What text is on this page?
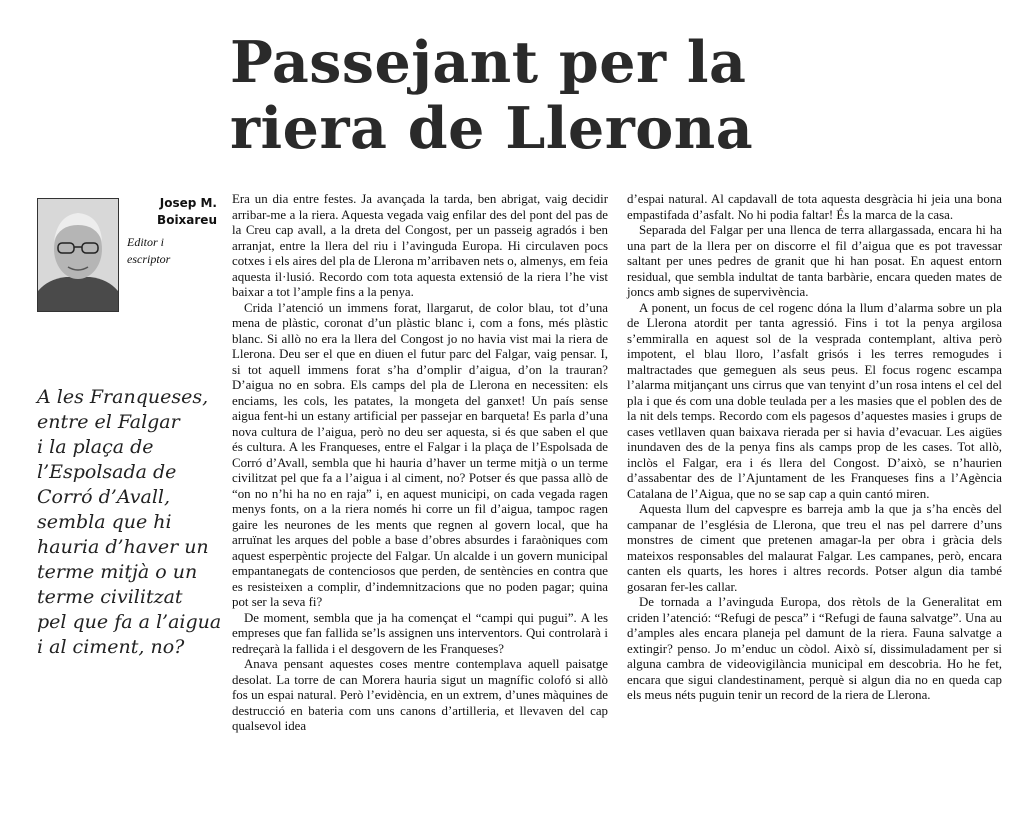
Passejant per la
riera de Llerona
Josep M.
Boixareu
Editor i
escriptor
A les Franqueses,
entre el Falgar
i la plaça de
l’Espolsada de
Corró d’Avall,
sembla que hi
hauria d’haver un
terme mitjà o un
terme civilitzat
pel que fa a l’aigua
i al ciment, no?

Era un dia entre festes. Ja avançada la tarda, ben abrigat, vaig decidir arribar-me a la riera. Aquesta vegada vaig enfilar des del pont del pas de la Creu cap avall, a la dreta del Congost, per un passeig agradós i ben arranjat, entre la llera del riu i l’avinguda Europa. Hi circulaven pocs cotxes i els aires del pla de Llerona m’arribaven nets o, almenys, em feia aquesta il·lusió. Recordo com tota aquesta extensió de la riera l’he vist baixar a tot l’ample fins a la penya.

Crida l’atenció un immens forat, llargarut, de color blau, tot d’una mena de plàstic, coronat d’un plàstic blanc i, com a fons, més plàstic blanc. Si allò no era la llera del Congost jo no havia vist mai la riera de Llerona. Deu ser el que en diuen el futur parc del Falgar, vaig pensar. I, si tot aquell immens forat s’ha d’omplir d’aigua, d’on la trauran? D’aigua no en sobra. Els camps del pla de Llerona en necessiten: els enciams, les cols, les patates, la mongeta del ganxet! Un país sense aigua fent-hi un estany artificial per passejar en barqueta! Es parla d’una nova cultura de l’aigua, però no deu ser aquesta, si és que saben el que és cultura. A les Franqueses, entre el Falgar i la plaça de l’Espolsada de Corró d’Avall, sembla que hi hauria d’haver un terme mitjà o un terme civilitzat pel que fa a l’aigua i al ciment, no? Potser és que passa allò de “on no n’hi ha no en raja” i, en aquest municipi, on cada vegada ragen menys fonts, on a la riera només hi corre un fil d’aigua, tampoc ragen gaire les neurones de les ments que regnen al govern local, que ha arruïnat les arques del poble a base d’obres absurdes i faraòniques com aquest esperpèntic projecte del Falgar. Un alcalde i un govern municipal empantanegats de contenciosos que perden, de sentències en contra que es resisteixen a complir, d’indemnitzacions que no poden pagar; quina pot ser la seva fi?

De moment, sembla que ja ha començat el “campi qui pugui”. A les empreses que fan fallida se’ls assignen uns interventors. Qui controlarà i redreçarà la fallida i el desgovern de les Franqueses?

Anava pensant aquestes coses mentre contemplava aquell paisatge desolat. La torre de can Morera hauria sigut un magnífic colofó si allò fos un espai natural. Però l’evidència, en un extrem, d’unes màquines de destrucció en bateria com uns canons d’artilleria, et llevaven del cap qualsevol idea

d’espai natural. Al capdavall de tota aquesta desgràcia hi jeia una bona empastifada d’asfalt. No hi podia faltar! És la marca de la casa.

Separada del Falgar per una llenca de terra allargassada, encara hi ha una part de la llera per on discorre el fil d’aigua que es pot travessar saltant per unes pedres de granit que hi han posat. En aquest entorn residual, que sembla indultat de tanta barbàrie, encara queden mates de joncs amb signes de supervivència.

A ponent, un focus de cel rogenc dóna la llum d’alarma sobre un pla de Llerona atordit per tanta agressió. Fins i tot la penya argilosa s’emmiralla en aquest sol de la vesprada contemplant, altiva però impotent, el blau lloro, l’asfalt grisós i les terres remogudes i maltractades que gemeguen als seus peus. El focus rogenc escampa l’alarma mitjançant uns cirrus que van tenyint d’un rosa intens el cel del pla i que és com una doble teulada per a les masies que el poblen des de la nit dels temps. Recordo com els pagesos d’aquestes masies i grups de cases vetllaven quan baixava rierada per si havia d’evacuar. Les aigües inundaven des de la penya fins als camps prop de les cases. Tot allò, inclòs el Falgar, era i és llera del Congost. D’això, se n’haurien d’assabentar des de l’Ajuntament de les Franqueses fins a l’Agència Catalana de l’Aigua, que no se sap cap a quin cantó miren.

Aquesta llum del capvespre es barreja amb la que ja s’ha encès del campanar de l’església de Llerona, que treu el nas pel darrere d’uns monstres de ciment que pretenen amagar-la per obra i gràcia dels mateixos responsables del malaurat Falgar. Les campanes, però, encara canten els quarts, les hores i altres records. Potser algun dia també gosaran fer-les callar.

De tornada a l’avinguda Europa, dos rètols de la Generalitat em criden l’atenció: “Refugi de pesca” i “Refugi de fauna salvatge”. Una au d’amples ales encara planeja pel damunt de la riera. Fauna salvatge a extingir? penso. Jo m’enduc un còdol. Això sí, dissimuladament per si alguna cambra de videovigilància municipal em descobria. Ho he fet, encara que sigui clandestinament, perquè si algun dia no en queda cap els meus néts puguin tenir un record de la riera de Llerona.
